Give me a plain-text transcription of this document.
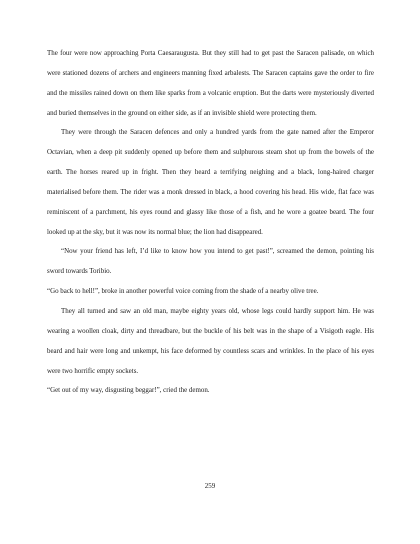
The four were now approaching Porta Caesaraugusta. But they still had to get past the Saracen palisade, on which were stationed dozens of archers and engineers manning fixed arbalests. The Saracen captains gave the order to fire and the missiles rained down on them like sparks from a volcanic eruption. But the darts were mysteriously diverted and buried themselves in the ground on either side, as if an invisible shield were protecting them.

They were through the Saracen defences and only a hundred yards from the gate named after the Emperor Octavian, when a deep pit suddenly opened up before them and sulphurous steam shot up from the bowels of the earth. The horses reared up in fright. Then they heard a terrifying neighing and a black, long-haired charger materialised before them. The rider was a monk dressed in black, a hood covering his head. His wide, flat face was reminiscent of a parchment, his eyes round and glassy like those of a fish, and he wore a goatee beard. The four looked up at the sky, but it was now its normal blue; the lion had disappeared.

“Now your friend has left, I’d like to know how you intend to get past!”, screamed the demon, pointing his sword towards Toribio.

“Go back to hell!”, broke in another powerful voice coming from the shade of a nearby olive tree.

They all turned and saw an old man, maybe eighty years old, whose legs could hardly support him. He was wearing a woollen cloak, dirty and threadbare, but the buckle of his belt was in the shape of a Visigoth eagle. His beard and hair were long and unkempt, his face deformed by countless scars and wrinkles. In the place of his eyes were two horrific empty sockets.

“Get out of my way, disgusting beggar!”, cried the demon.

259
